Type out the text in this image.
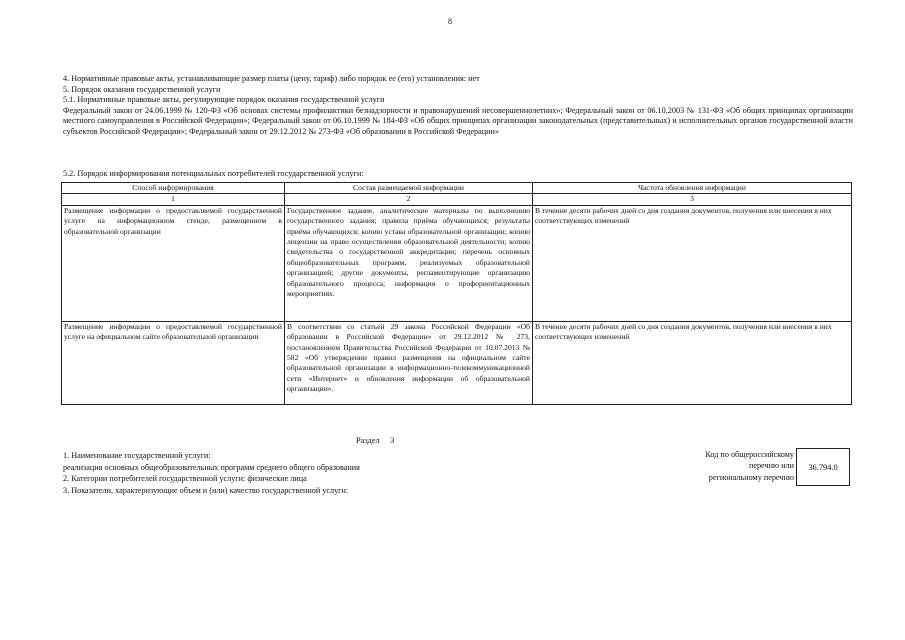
8

4. Нормативные правовые акты, устанавливающие размер платы (цену, тариф) либо порядок ее (его) установления: нет

5. Порядок оказания государственной услуги

5.1. Нормативные правовые акты, регулирующие порядок оказания государственной услуги

Федеральный закон от 24.06.1999 № 120-ФЗ «Об основах системы профилактики безнадзорности и правонарушений несовершеннолетних»; Федеральный закон от 06.10.2003 № 131-ФЗ «Об общих принципах организации местного самоуправления в Российской Федерации»; Федеральный закон от 06.10.1999 № 184-ФЗ «Об общих принципах организации законодательных (представительных) и исполнительных органов государственной власти субъектов Российской Федерации»; Федеральный закон от 29.12.2012 № 273-ФЗ «Об образовании в Российской Федерации»

5.2. Порядок информирования потенциальных потребителей государственной услуги:
Способ информирования	Состав размещаемой информации	Частота обновления информации
1	2	3
Размещение информации о предоставляемой государственной услуге на информационном стенде, размещенном в образовательной организации	Государственное задание, аналитические материалы по выполнению государственного задания; правила приёма обучающихся; результаты приёма обучающихся; копию устава образовательной организации; копию лицензии на право осуществления образовательной деятельности; копию свидетельства о государственной аккредитации; перечень основных общеобразовательных программ, реализуемых образовательной организацией; другие документы, регламентирующие организацию образовательного процесса; информация о профориентационных мероприятиях.	В течение десяти рабочих дней со дня создания документов, получения или внесения в них соответствующих изменений
Размещение информации о предоставляемой государственной услуге на официальном сайте образовательной организации	В соответствии со статьей 29 закона Российской Федерации «Об образовании в Российской Федерации» от 29.12.2012 № 273, постановлением Правительства Российской Федерации от 10.07.2013 № 582 «Об утверждении правил размещения на официальном сайте образовательной организации в информационно-телекоммуникационной сети «Интернет» и обновления информации об образовательной организации».	В течение десяти рабочих дней со дня создания документов, получения или внесения в них соответствующих изменений
Раздел 3

1. Наименование государственной услуги:

реализация основных общеобразовательных программ среднего общего образования

2. Категории потребителей государственной услуги: физические лица

3. Показатели, характеризующие объем и (или) качество государственной услуги:

Код по общероссийскому
перечню или
региональному перечню
36.794.0
